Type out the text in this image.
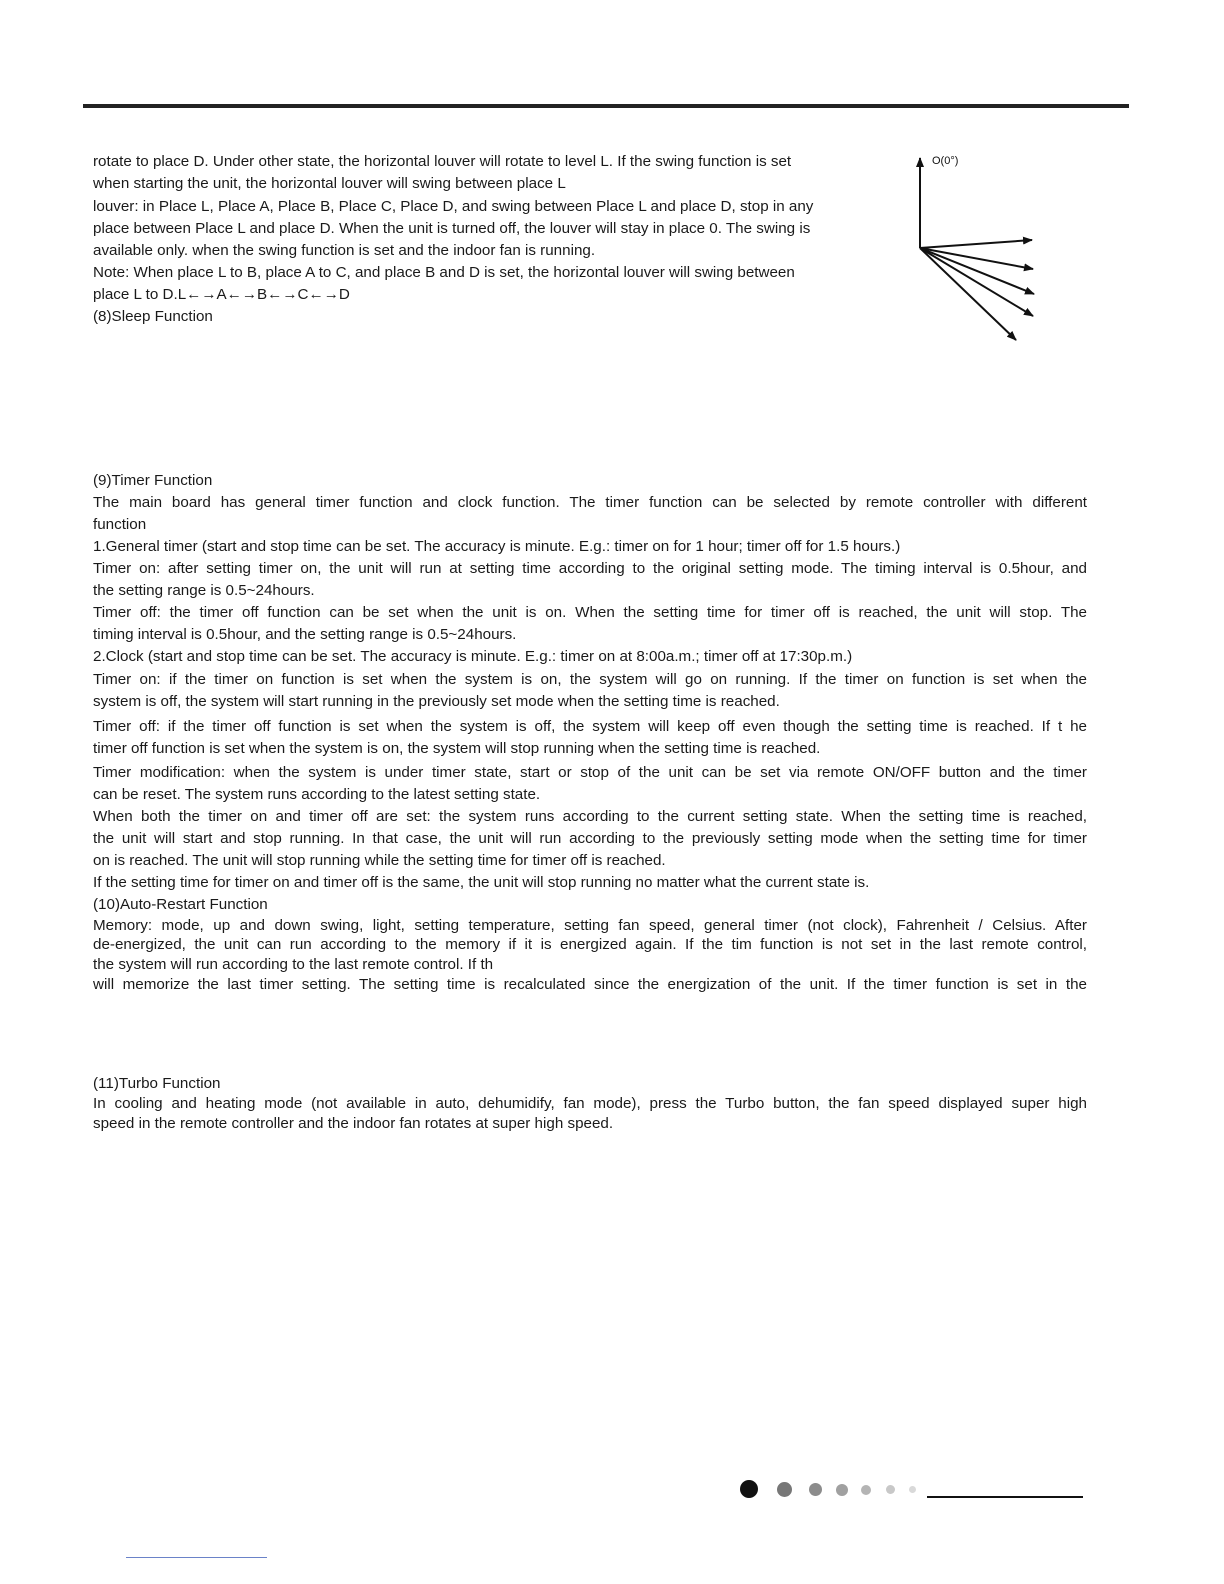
rotate to place D. Under other state, the horizontal louver will rotate to level L. If the swing function is set
when starting the unit, the horizontal louver will swing between place L
louver: in Place L, Place A, Place B, Place C, Place D, and swing between Place L and place D, stop in any
place between Place L and place D. When the unit is turned off, the louver will stay in place 0. The swing is
available only. when the swing function is set and the indoor fan is running.
Note: When place L to B, place A to C, and place B and D is set, the horizontal louver will swing between
place L to D.L←→A←→B←→C←→D
(8)Sleep Function
O(0°)
(9)Timer Function
The main board has general timer function and clock function. The timer function can be selected by remote controller with different
function
1.General timer (start and stop time can be set. The accuracy is minute. E.g.: timer on for 1 hour; timer off for 1.5 hours.)
Timer on: after setting timer on, the unit will run at setting time according to the original setting mode. The timing interval is 0.5hour, and
the setting range is 0.5~24hours.
Timer off: the timer off function can be set when the unit is on. When the setting time for timer off is reached, the unit will stop. The
timing interval is 0.5hour, and the setting range is 0.5~24hours.
2.Clock (start and stop time can be set. The accuracy is minute. E.g.: timer on at 8:00a.m.; timer off at 17:30p.m.)
Timer on: if the timer on function is set when the system is on, the system will go on running. If the timer on function is set when the
system is off, the system will start running in the previously set mode when the setting time is reached.
Timer off: if the timer off function is set when the system is off, the system will keep off even though the setting time is reached. If t he
timer off function is set when the system is on, the system will stop running when the setting time is reached.
Timer modification: when the system is under timer state, start or stop of the unit can be set via remote ON/OFF button and the timer
can be reset. The system runs according to the latest setting state.
When both the timer on and timer off are set: the system runs according to the current setting state. When the setting time is reached,
the unit will start and stop running. In that case, the unit will run according to the previously setting mode when the setting time for timer
on is reached. The unit will stop running while the setting time for timer off is reached.
If the setting time for timer on and timer off is the same, the unit will stop running no matter what the current state is.
(10)Auto-Restart Function
Memory: mode, up and down swing, light, setting temperature, setting fan speed, general timer (not clock), Fahrenheit / Celsius. After
de-energized, the unit can run according to the memory if it is energized again. If the tim function is not set in the last remote control,
the system will run according to the last remote control. If th
will memorize the last timer setting. The setting time is recalculated since the energization of the unit. If the timer function is set in the
(11)Turbo Function
In cooling and heating mode (not available in auto, dehumidify, fan mode), press the Turbo button, the fan speed displayed super high
speed in the remote controller and the indoor fan rotates at super high speed.
